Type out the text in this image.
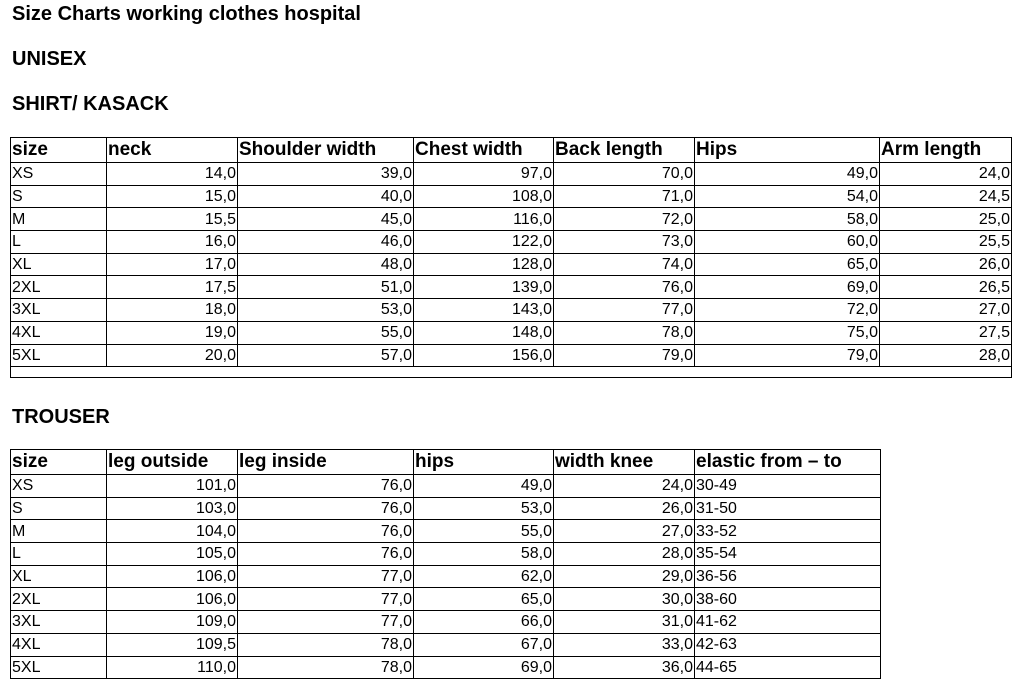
Size Charts working clothes hospital
UNISEX
SHIRT/ KASACK
size	neck	Shoulder width	Chest width	Back length	Hips	Arm length
XS	14,0	39,0	97,0	70,0	49,0	24,0
S	15,0	40,0	108,0	71,0	54,0	24,5
M	15,5	45,0	116,0	72,0	58,0	25,0
L	16,0	46,0	122,0	73,0	60,0	25,5
XL	17,0	48,0	128,0	74,0	65,0	26,0
2XL	17,5	51,0	139,0	76,0	69,0	26,5
3XL	18,0	53,0	143,0	77,0	72,0	27,0
4XL	19,0	55,0	148,0	78,0	75,0	27,5
5XL	20,0	57,0	156,0	79,0	79,0	28,0

TROUSER
size	leg outside	leg inside	hips	width knee	elastic from – to
XS	101,0	76,0	49,0	24,0	30-49
S	103,0	76,0	53,0	26,0	31-50
M	104,0	76,0	55,0	27,0	33-52
L	105,0	76,0	58,0	28,0	35-54
XL	106,0	77,0	62,0	29,0	36-56
2XL	106,0	77,0	65,0	30,0	38-60
3XL	109,0	77,0	66,0	31,0	41-62
4XL	109,5	78,0	67,0	33,0	42-63
5XL	110,0	78,0	69,0	36,0	44-65
